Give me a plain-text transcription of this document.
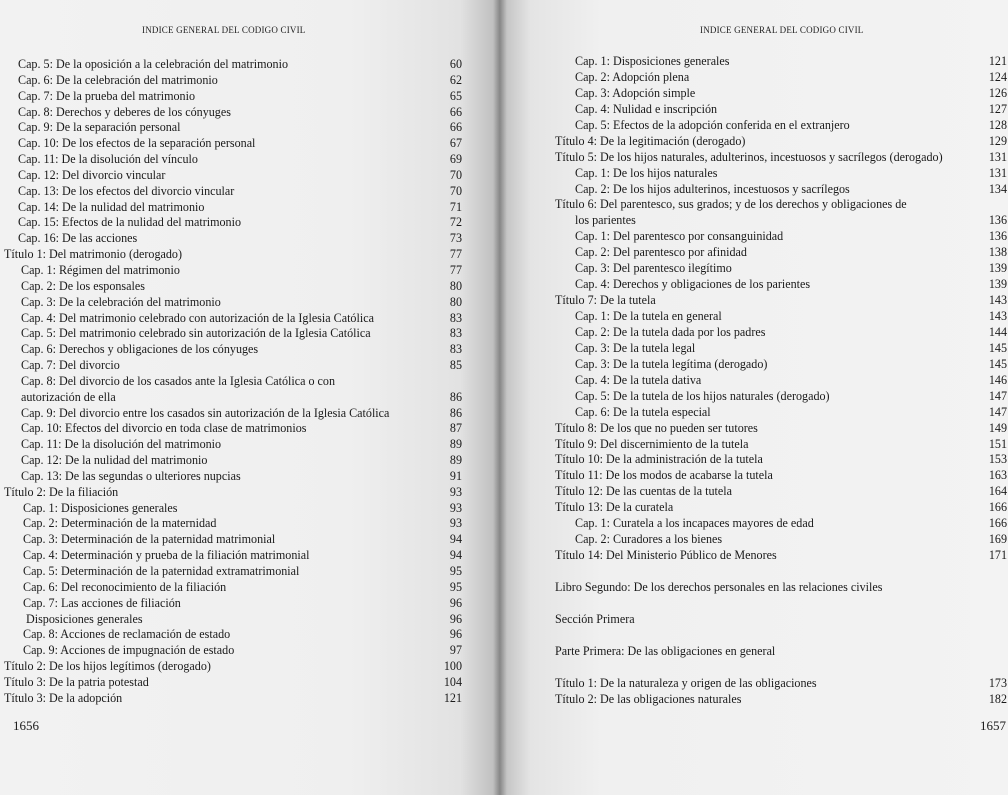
INDICE GENERAL DEL CODIGO CIVIL
Cap. 5: De la oposición a la celebración del matrimonio	60
Cap. 6: De la celebración del matrimonio	62
Cap. 7: De la prueba del matrimonio	65
Cap. 8: Derechos y deberes de los cónyuges	66
Cap. 9: De la separación personal	66
Cap. 10: De los efectos de la separación personal	67
Cap. 11: De la disolución del vínculo	69
Cap. 12: Del divorcio vincular	70
Cap. 13: De los efectos del divorcio vincular	70
Cap. 14: De la nulidad del matrimonio	71
Cap. 15: Efectos de la nulidad del matrimonio	72
Cap. 16: De las acciones	73
Título 1: Del matrimonio (derogado)	77
Cap. 1: Régimen del matrimonio	77
Cap. 2: De los esponsales	80
Cap. 3: De la celebración del matrimonio	80
Cap. 4: Del matrimonio celebrado con autorización de la Iglesia Católica	83
Cap. 5: Del matrimonio celebrado sin autorización de la Iglesia Católica	83
Cap. 6: Derechos y obligaciones de los cónyuges	83
Cap. 7: Del divorcio	85
Cap. 8: Del divorcio de los casados ante la Iglesia Católica o con
autorización de ella	86
Cap. 9: Del divorcio entre los casados sin autorización de la Iglesia Católica	86
Cap. 10: Efectos del divorcio en toda clase de matrimonios	87
Cap. 11: De la disolución del matrimonio	89
Cap. 12: De la nulidad del matrimonio	89
Cap. 13: De las segundas o ulteriores nupcias	91
Título 2: De la filiación	93
Cap. 1: Disposiciones generales	93
Cap. 2: Determinación de la maternidad	93
Cap. 3: Determinación de la paternidad matrimonial	94
Cap. 4: Determinación y prueba de la filiación matrimonial	94
Cap. 5: Determinación de la paternidad extramatrimonial	95
Cap. 6: Del reconocimiento de la filiación	95
Cap. 7: Las acciones de filiación	96
Disposiciones generales	96
Cap. 8: Acciones de reclamación de estado	96
Cap. 9: Acciones de impugnación de estado	97
Título 2: De los hijos legítimos (derogado)	100
Título 3: De la patria potestad	104
Título 3: De la adopción	121
1656
INDICE GENERAL DEL CODIGO CIVIL
Cap. 1: Disposiciones generales	121
Cap. 2: Adopción plena	124
Cap. 3: Adopción simple	126
Cap. 4: Nulidad e inscripción	127
Cap. 5: Efectos de la adopción conferida en el extranjero	128
Título 4: De la legitimación (derogado)	129
Título 5: De los hijos naturales, adulterinos, incestuosos y sacrílegos (derogado)	131
Cap. 1: De los hijos naturales	131
Cap. 2: De los hijos adulterinos, incestuosos y sacrílegos	134
Título 6: Del parentesco, sus grados; y de los derechos y obligaciones de
los parientes	136
Cap. 1: Del parentesco por consanguinidad	136
Cap. 2: Del parentesco por afinidad	138
Cap. 3: Del parentesco ilegítimo	139
Cap. 4: Derechos y obligaciones de los parientes	139
Título 7: De la tutela	143
Cap. 1: De la tutela en general	143
Cap. 2: De la tutela dada por los padres	144
Cap. 3: De la tutela legal	145
Cap. 3: De la tutela legítima (derogado)	145
Cap. 4: De la tutela dativa	146
Cap. 5: De la tutela de los hijos naturales (derogado)	147
Cap. 6: De la tutela especial	147
Título 8: De los que no pueden ser tutores	149
Título 9: Del discernimiento de la tutela	151
Título 10: De la administración de la tutela	153
Título 11: De los modos de acabarse la tutela	163
Título 12: De las cuentas de la tutela	164
Título 13: De la curatela	166
Cap. 1: Curatela a los incapaces mayores de edad	166
Cap. 2: Curadores a los bienes	169
Título 14: Del Ministerio Público de Menores	171
Libro Segundo: De los derechos personales en las relaciones civiles
Sección Primera
Parte Primera: De las obligaciones en general
Título 1: De la naturaleza y origen de las obligaciones	173
Título 2: De las obligaciones naturales	182
1657
